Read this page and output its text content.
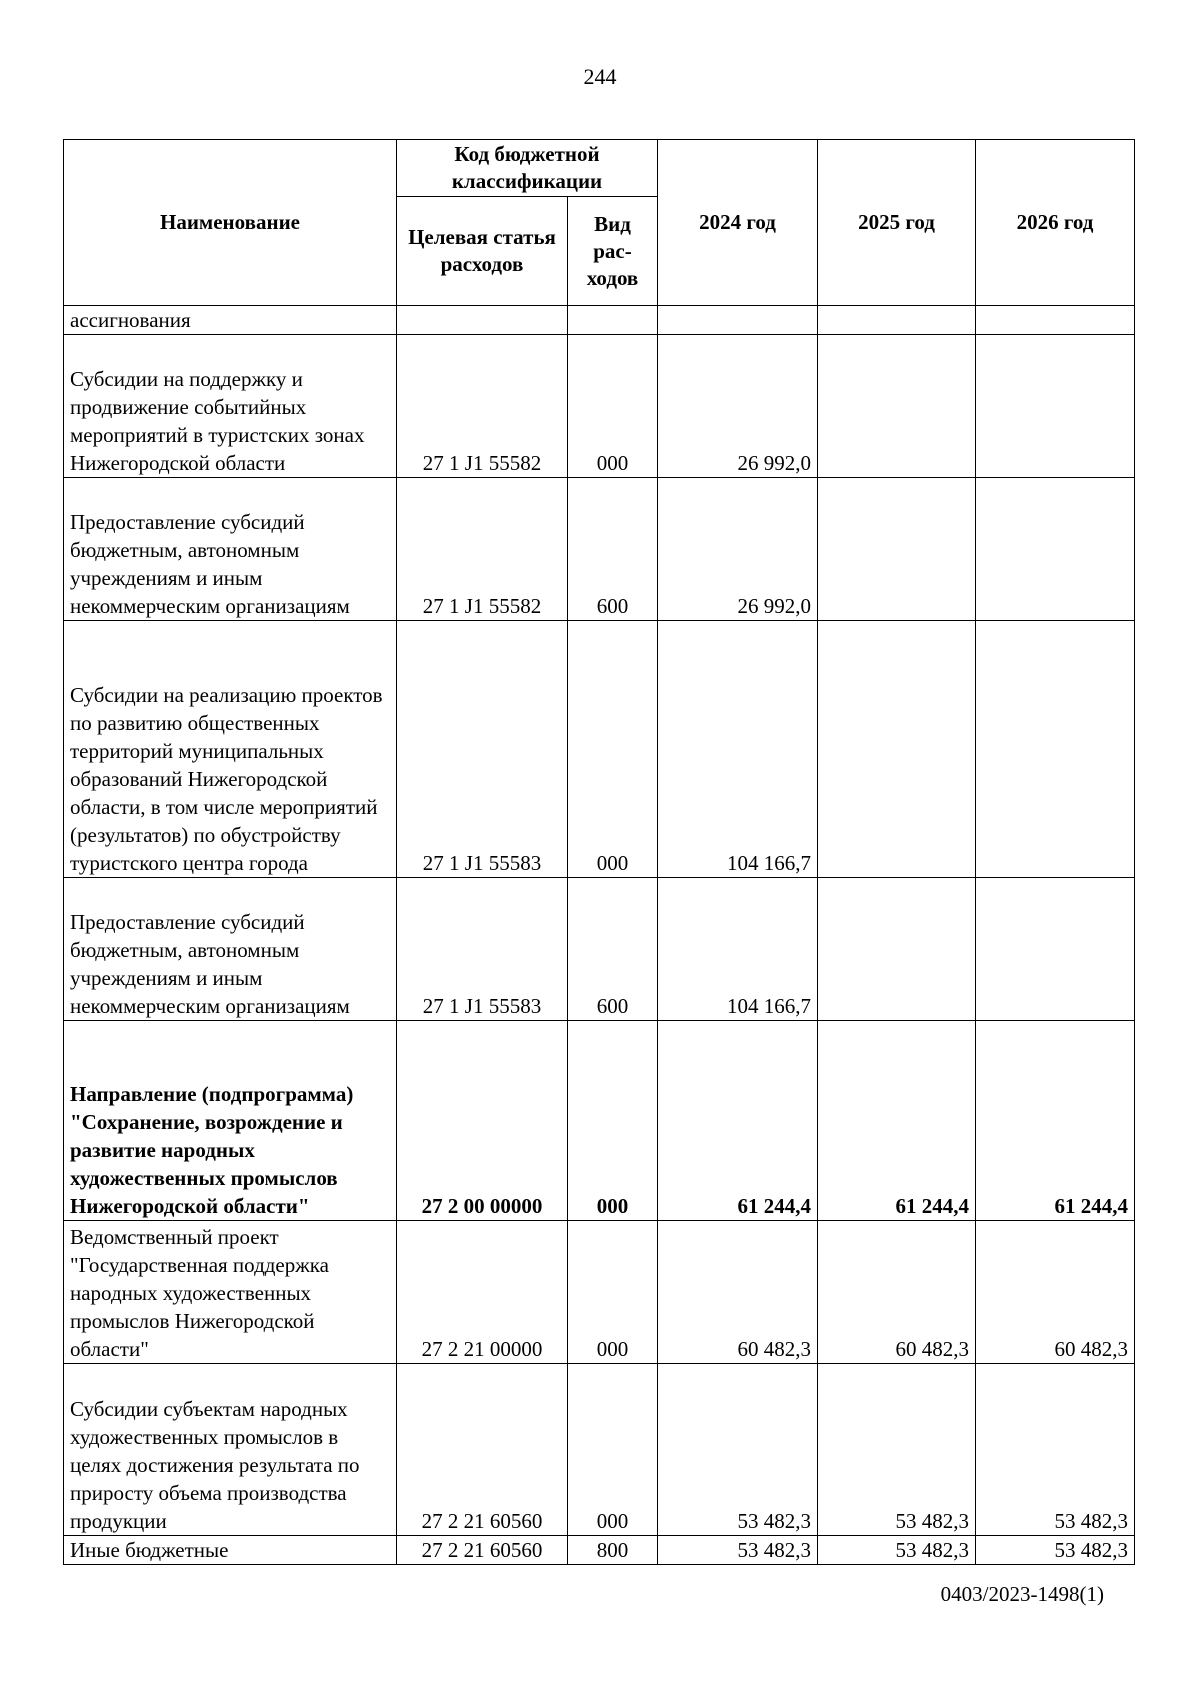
244
Наименование	Код бюджетной классификации		2024 год	2025 год	2026 год
	Целевая статья расходов	Вид рас-ходов			
ассигнования					
Субсидии на поддержку и продвижение событийных мероприятий в туристских зонах Нижегородской области	27 1 J1 55582	000	26 992,0		
Предоставление субсидий бюджетным, автономным учреждениям и иным некоммерческим организациям	27 1 J1 55582	600	26 992,0		
Субсидии на реализацию проектов по развитию общественных территорий муниципальных образований Нижегородской области, в том числе мероприятий (результатов) по обустройству туристского центра города	27 1 J1 55583	000	104 166,7		
Предоставление субсидий бюджетным, автономным учреждениям и иным некоммерческим организациям	27 1 J1 55583	600	104 166,7		
Направление (подпрограмма) "Сохранение, возрождение и развитие народных художественных промыслов Нижегородской области"	27 2 00 00000	000	61 244,4	61 244,4	61 244,4
Ведомственный проект "Государственная поддержка народных художественных промыслов Нижегородской области"	27 2 21 00000	000	60 482,3	60 482,3	60 482,3
Субсидии субъектам народных художественных промыслов в целях достижения результата по приросту объема производства продукции	27 2 21 60560	000	53 482,3	53 482,3	53 482,3
Иные бюджетные	27 2 21 60560	800	53 482,3	53 482,3	53 482,3
0403/2023-1498(1)
